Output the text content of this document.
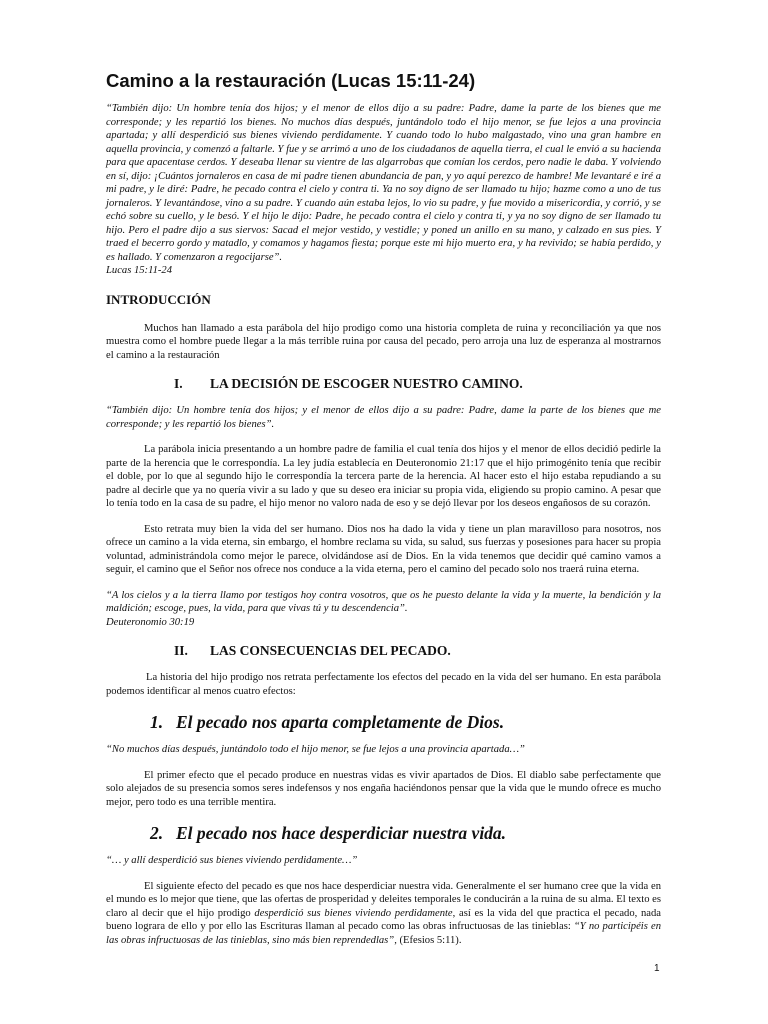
Camino a la restauración (Lucas 15:11-24)

“También dijo: Un hombre tenía dos hijos; y el menor de ellos dijo a su padre: Padre, dame la parte de los bienes que me corresponde; y les repartió los bienes. No muchos días después, juntándolo todo el hijo menor, se fue lejos a una provincia apartada; y allí desperdició sus bienes viviendo perdidamente. Y cuando todo lo hubo malgastado, vino una gran hambre en aquella provincia, y comenzó a faltarle. Y fue y se arrimó a uno de los ciudadanos de aquella tierra, el cual le envió a su hacienda para que apacentase cerdos. Y deseaba llenar su vientre de las algarrobas que comían los cerdos, pero nadie le daba. Y volviendo en sí, dijo: ¡Cuántos jornaleros en casa de mi padre tienen abundancia de pan, y yo aquí perezco de hambre! Me levantaré e iré a mi padre, y le diré: Padre, he pecado contra el cielo y contra ti. Ya no soy digno de ser llamado tu hijo; hazme como a uno de tus jornaleros. Y levantándose, vino a su padre. Y cuando aún estaba lejos, lo vio su padre, y fue movido a misericordia, y corrió, y se echó sobre su cuello, y le besó. Y el hijo le dijo: Padre, he pecado contra el cielo y contra ti, y ya no soy digno de ser llamado tu hijo. Pero el padre dijo a sus siervos: Sacad el mejor vestido, y vestidle; y poned un anillo en su mano, y calzado en sus pies. Y traed el becerro gordo y matadlo, y comamos y hagamos fiesta; porque este mi hijo muerto era, y ha revivido; se había perdido, y es hallado. Y comenzaron a regocijarse”.

Lucas 15:11-24

INTRODUCCIÓN

Muchos han llamado a esta parábola del hijo prodigo como una historia completa de ruina y reconciliación ya que nos muestra como el hombre puede llegar a la más terrible ruina por causa del pecado, pero arroja una luz de esperanza al mostrarnos el camino a la restauración

I.	LA DECISIÓN DE ESCOGER NUESTRO CAMINO.

“También dijo: Un hombre tenía dos hijos; y el menor de ellos dijo a su padre: Padre, dame la parte de los bienes que me corresponde; y les repartió los bienes”.

La parábola inicia presentando a un hombre padre de familia el cual tenía dos hijos y el menor de ellos decidió pedirle la parte de la herencia que le correspondía. La ley judía establecía en Deuteronomio 21:17 que el hijo primogénito tenía que recibir el doble, por lo que al segundo hijo le correspondía la tercera parte de la herencia. Al hacer esto el hijo estaba repudiando a su padre al decirle que ya no quería vivir a su lado y que su deseo era iniciar su propia vida, eligiendo su propio camino. A pesar que lo tenía todo en la casa de su padre, el hijo menor no valoro nada de eso y se dejó llevar por los deseos engañosos de su corazón.

Esto retrata muy bien la vida del ser humano. Dios nos ha dado la vida y tiene un plan maravilloso para nosotros, nos ofrece un camino a la vida eterna, sin embargo, el hombre reclama su vida, su salud, sus fuerzas y posesiones para hacer su propia voluntad, administrándola como mejor le parece, olvidándose así de Dios. En la vida tenemos que decidir qué camino vamos a seguir, el camino que el Señor nos ofrece nos conduce a la vida eterna, pero el camino del pecado solo nos traerá ruina eterna.

“A los cielos y a la tierra llamo por testigos hoy contra vosotros, que os he puesto delante la vida y la muerte, la bendición y la maldición; escoge, pues, la vida, para que vivas tú y tu descendencia”.

Deuteronomio 30:19

II.	LAS CONSECUENCIAS DEL PECADO.

La historia del hijo prodigo nos retrata perfectamente los efectos del pecado en la vida del ser humano. En esta parábola podemos identificar al menos cuatro efectos:

1. El pecado nos aparta completamente de Dios.

“No muchos días después, juntándolo todo el hijo menor, se fue lejos a una provincia apartada…”

El primer efecto que el pecado produce en nuestras vidas es vivir apartados de Dios. El diablo sabe perfectamente que solo alejados de su presencia somos seres indefensos y nos engaña haciéndonos pensar que la vida que le mundo ofrece es mucho mejor, pero todo es una terrible mentira.

2. El pecado nos hace desperdiciar nuestra vida.

“… y allí desperdició sus bienes viviendo perdidamente…”

El siguiente efecto del pecado es que nos hace desperdiciar nuestra vida. Generalmente el ser humano cree que la vida en el mundo es lo mejor que tiene, que las ofertas de prosperidad y deleites temporales le conducirán a la ruina de su alma. El texto es claro al decir que el hijo prodigo desperdició sus bienes viviendo perdidamente, así es la vida del que practica el pecado, nada bueno lograra de ello y por ello las Escrituras llaman al pecado como las obras infructuosas de las tinieblas: “Y no participéis en las obras infructuosas de las tinieblas, sino más bien reprendedlas”, (Efesios 5:11).

1
